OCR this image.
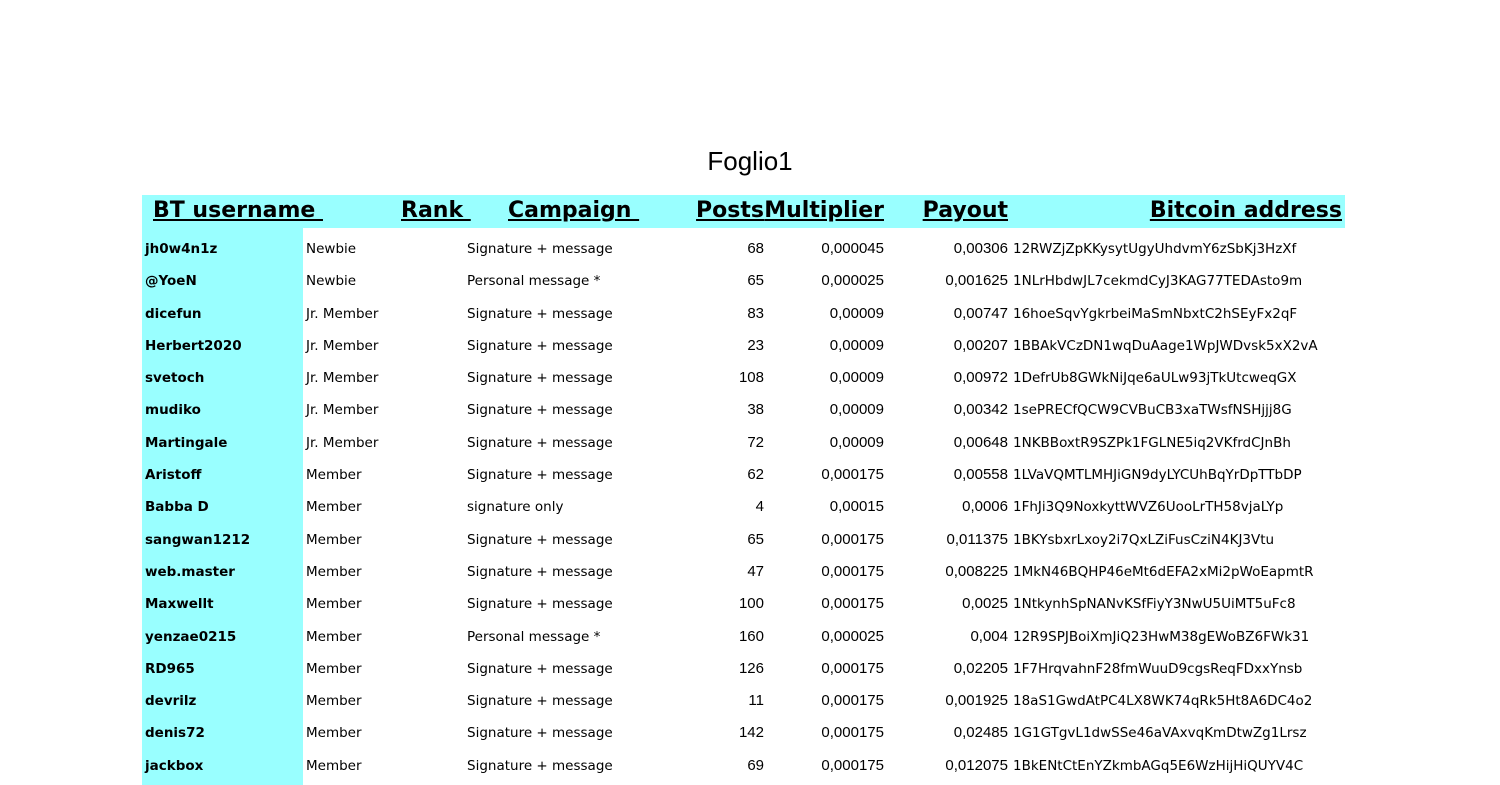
Foglio1
BT username	Rank Campaign	Posts Multiplier Payout	Bitcoin address
jh0w4n1z	Newbie	Signature + message	68	0,000045	0,00306 12RWZjZpKKysytUgyUhdvmY6zSbKj3HzXf
@YoeN	Newbie	Personal message *	65	0,000025	0,001625 1NLrHbdwJL7cekmdCyJ3KAG77TEDAsto9m
dicefun	Jr. Member	Signature + message	83	0,00009	0,00747 16hoeSqvYgkrbeiMaSmNbxtC2hSEyFx2qF
Herbert2020	Jr. Member	Signature + message	23	0,00009	0,00207 1BBAkVCzDN1wqDuAage1WpJWDvsk5xX2vA
svetoch	Jr. Member	Signature + message	108	0,00009	0,00972 1DefrUb8GWkNiJqe6aULw93jTkUtcweqGX
mudiko	Jr. Member	Signature + message	38	0,00009	0,00342 1sePRECfQCW9CVBuCB3xaTWsfNSHjjj8G
Martingale	Jr. Member	Signature + message	72	0,00009	0,00648 1NKBBoxtR9SZPk1FGLNE5iq2VKfrdCJnBh
Aristoff	Member	Signature + message	62	0,000175	0,00558 1LVaVQMTLMHJiGN9dyLYCUhBqYrDpTTbDP
Babba D	Member	signature only	4	0,00015	0,0006 1FhJi3Q9NoxkyttWVZ6UooLrTH58vjaLYp
sangwan1212	Member	Signature + message	65	0,000175	0,011375 1BKYsbxrLxoy2i7QxLZiFusCziN4KJ3Vtu
web.master	Member	Signature + message	47	0,000175	0,008225 1MkN46BQHP46eMt6dEFA2xMi2pWoEapmtR
Maxwellt	Member	Signature + message	100	0,000175	0,0025 1NtkynhSpNANvKSfFiyY3NwU5UiMT5uFc8
yenzae0215	Member	Personal message *	160	0,000025	0,004 12R9SPJBoiXmJiQ23HwM38gEWoBZ6FWk31
RD965	Member	Signature + message	126	0,000175	0,02205 1F7HrqvahnF28fmWuuD9cgsReqFDxxYnsb
devrilz	Member	Signature + message	11	0,000175	0,001925 18aS1GwdAtPC4LX8WK74qRk5Ht8A6DC4o2
denis72	Member	Signature + message	142	0,000175	0,02485 1G1GTgvL1dwSSe46aVAxvqKmDtwZg1Lrsz
jackbox	Member	Signature + message	69	0,000175	0,012075 1BkENtCtEnYZkmbAGq5E6WzHijHiQUYV4C
